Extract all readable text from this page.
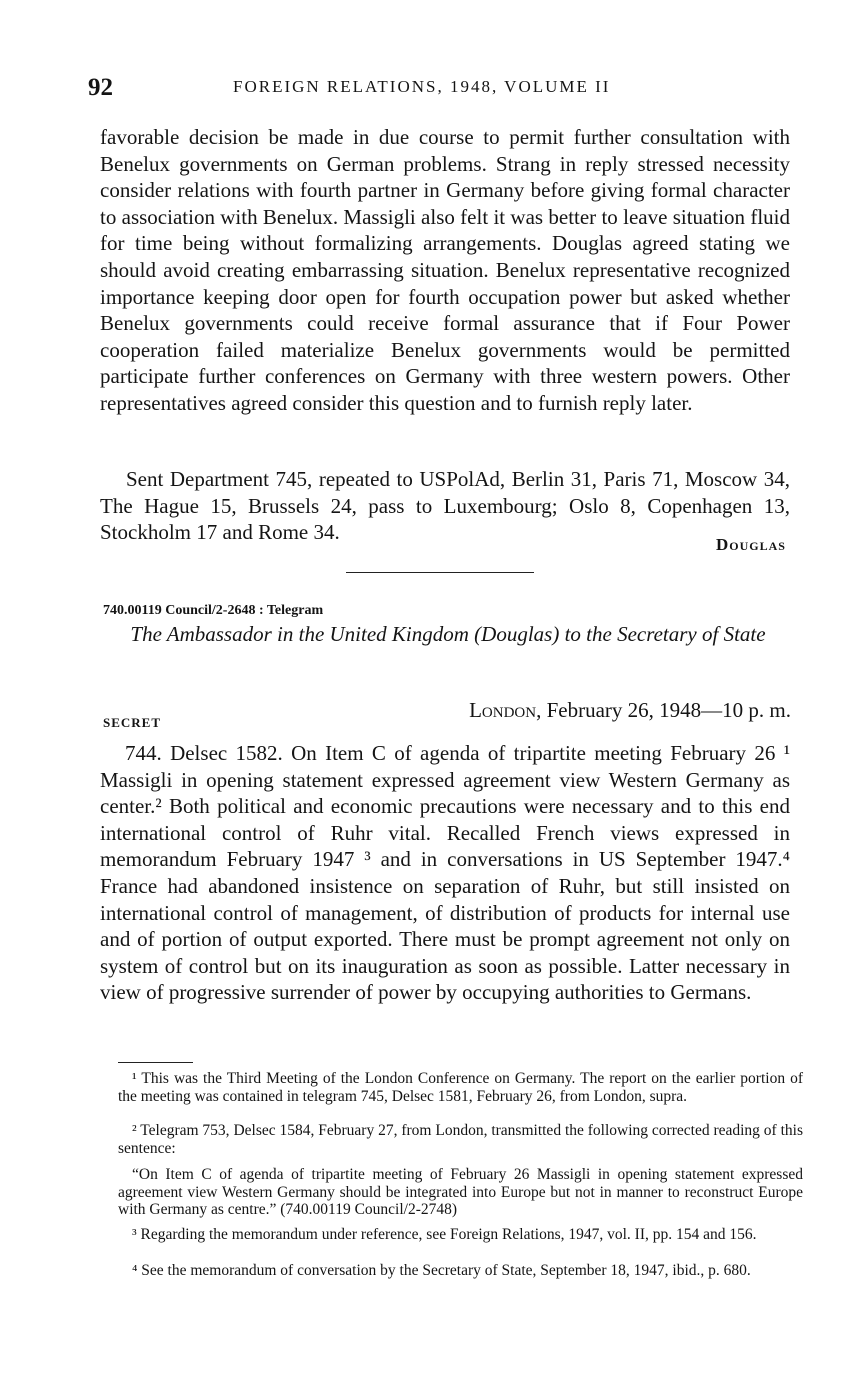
92	FOREIGN RELATIONS, 1948, VOLUME II

favorable decision be made in due course to permit further consultation with Benelux governments on German problems. Strang in reply stressed necessity consider relations with fourth partner in Germany before giving formal character to association with Benelux. Massigli also felt it was better to leave situation fluid for time being without formalizing arrangements. Douglas agreed stating we should avoid creating embarrassing situation. Benelux representative recognized importance keeping door open for fourth occupation power but asked whether Benelux governments could receive formal assurance that if Four Power cooperation failed materialize Benelux governments would be permitted participate further conferences on Germany with three western powers. Other representatives agreed consider this question and to furnish reply later.

Sent Department 745, repeated to USPolAd, Berlin 31, Paris 71, Moscow 34, The Hague 15, Brussels 24, pass to Luxembourg; Oslo 8, Copenhagen 13, Stockholm 17 and Rome 34.

Douglas
740.00119 Council/2-2648 : Telegram

The Ambassador in the United Kingdom (Douglas) to the Secretary of State

SECRET
London, February 26, 1948—10 p. m.

744. Delsec 1582. On Item C of agenda of tripartite meeting February 26 ¹ Massigli in opening statement expressed agreement view Western Germany as center.² Both political and economic precautions were necessary and to this end international control of Ruhr vital. Recalled French views expressed in memorandum February 1947 ³ and in conversations in US September 1947.⁴ France had abandoned insistence on separation of Ruhr, but still insisted on international control of management, of distribution of products for internal use and of portion of output exported. There must be prompt agreement not only on system of control but on its inauguration as soon as possible. Latter necessary in view of progressive surrender of power by occupying authorities to Germans.

¹ This was the Third Meeting of the London Conference on Germany. The report on the earlier portion of the meeting was contained in telegram 745, Delsec 1581, February 26, from London, supra.

² Telegram 753, Delsec 1584, February 27, from London, transmitted the following corrected reading of this sentence:

“On Item C of agenda of tripartite meeting of February 26 Massigli in opening statement expressed agreement view Western Germany should be integrated into Europe but not in manner to reconstruct Europe with Germany as centre.” (740.00119 Council/2-2748)

³ Regarding the memorandum under reference, see Foreign Relations, 1947, vol. II, pp. 154 and 156.

⁴ See the memorandum of conversation by the Secretary of State, September 18, 1947, ibid., p. 680.
